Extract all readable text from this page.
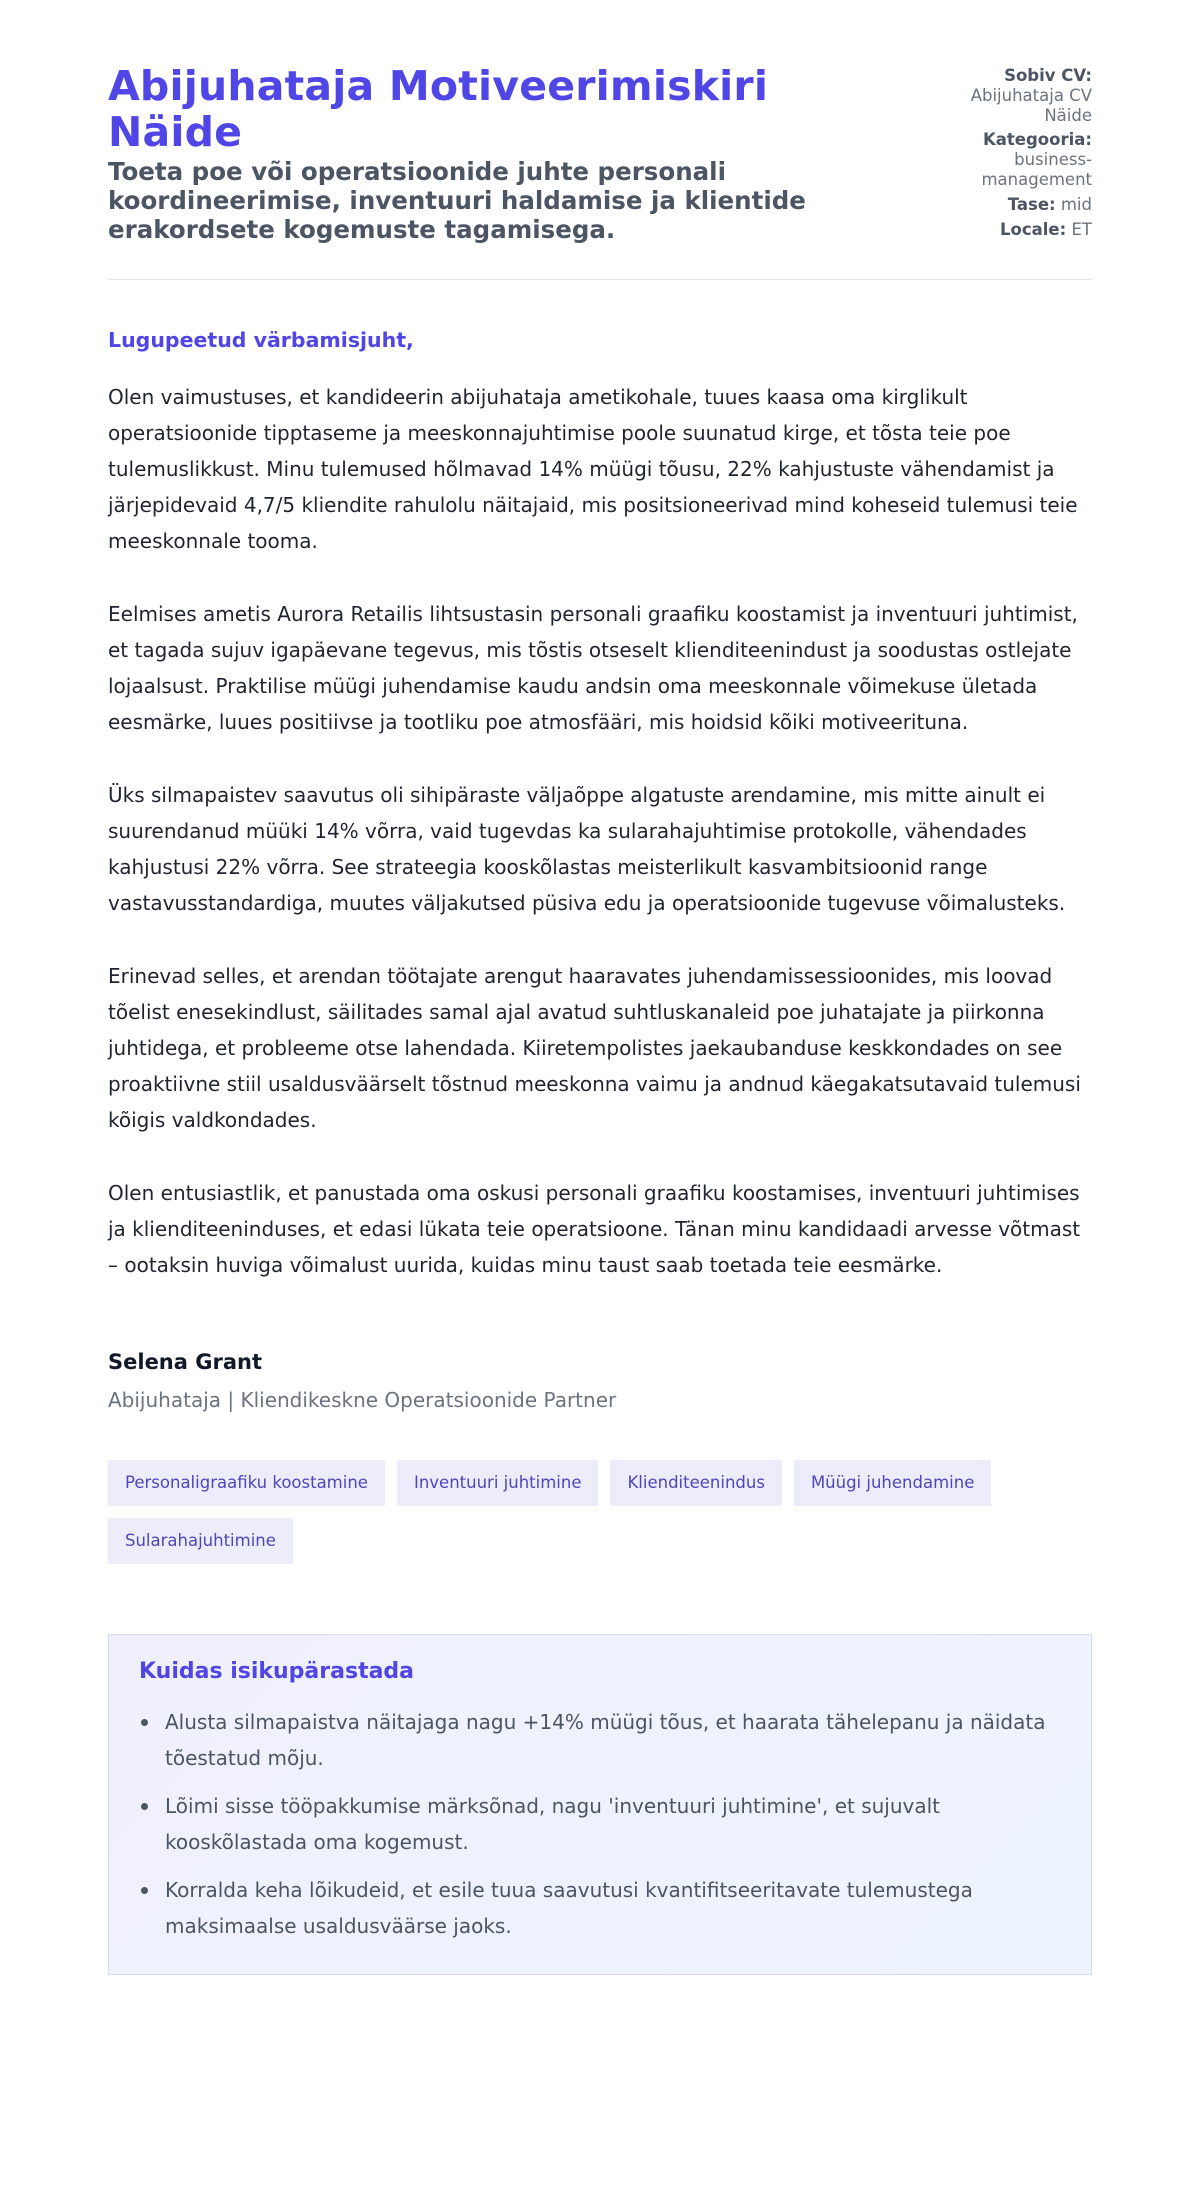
Abijuhataja Motiveerimiskiri Näide
Toeta poe või operatsioonide juhte personali koordineerimise, inventuuri haldamise ja klientide erakordsete kogemuste tagamisega.
Sobiv CV:
Abijuhataja CV Näide
Kategooria:
business-management
Tase: mid
Locale: ET
Lugupeetud värbamisjuht,

Olen vaimustuses, et kandideerin abijuhataja ametikohale, tuues kaasa oma kirglikult operatsioonide tipptaseme ja meeskonnajuhtimise poole suunatud kirge, et tõsta teie poe tulemuslikkust. Minu tulemused hõlmavad 14% müügi tõusu, 22% kahjustuste vähendamist ja järjepidevaid 4,7/5 kliendite rahulolu näitajaid, mis positsioneerivad mind koheseid tulemusi teie meeskonnale tooma.

Eelmises ametis Aurora Retailis lihtsustasin personali graafiku koostamist ja inventuuri juhtimist, et tagada sujuv igapäevane tegevus, mis tõstis otseselt klienditeenindust ja soodustas ostlejate lojaalsust. Praktilise müügi juhendamise kaudu andsin oma meeskonnale võimekuse ületada eesmärke, luues positiivse ja tootliku poe atmosfääri, mis hoidsid kõiki motiveerituna.

Üks silmapaistev saavutus oli sihipäraste väljaõppe algatuste arendamine, mis mitte ainult ei suurendanud müüki 14% võrra, vaid tugevdas ka sularahajuhtimise protokolle, vähendades kahjustusi 22% võrra. See strateegia kooskõlastas meisterlikult kasvambitsioonid range vastavusstandardiga, muutes väljakutsed püsiva edu ja operatsioonide tugevuse võimalusteks.

Erinevad selles, et arendan töötajate arengut haaravates juhendamissessioonides, mis loovad tõelist enesekindlust, säilitades samal ajal avatud suhtluskanaleid poe juhatajate ja piirkonna juhtidega, et probleeme otse lahendada. Kiiretempolistes jaekaubanduse keskkondades on see proaktiivne stiil usaldusväärselt tõstnud meeskonna vaimu ja andnud käegakatsutavaid tulemusi kõigis valdkondades.

Olen entusiastlik, et panustada oma oskusi personali graafiku koostamises, inventuuri juhtimises ja klienditeeninduses, et edasi lükata teie operatsioone. Tänan minu kandidaadi arvesse võtmast – ootaksin huviga võimalust uurida, kuidas minu taust saab toetada teie eesmärke.

Selena Grant
Abijuhataja | Kliendikeskne Operatsioonide Partner
Personaligraafiku koostamine	Inventuuri juhtimine	Klienditeenindus	Müügi juhendamine
Sularahajuhtimine
Kuidas isikupärastada
Alusta silmapaistva näitajaga nagu +14% müügi tõus, et haarata tähelepanu ja näidata tõestatud mõju.
Lõimi sisse tööpakkumise märksõnad, nagu 'inventuuri juhtimine', et sujuvalt kooskõlastada oma kogemust.
Korralda keha lõikudeid, et esile tuua saavutusi kvantifitseeritavate tulemustega maksimaalse usaldusväärse jaoks.
